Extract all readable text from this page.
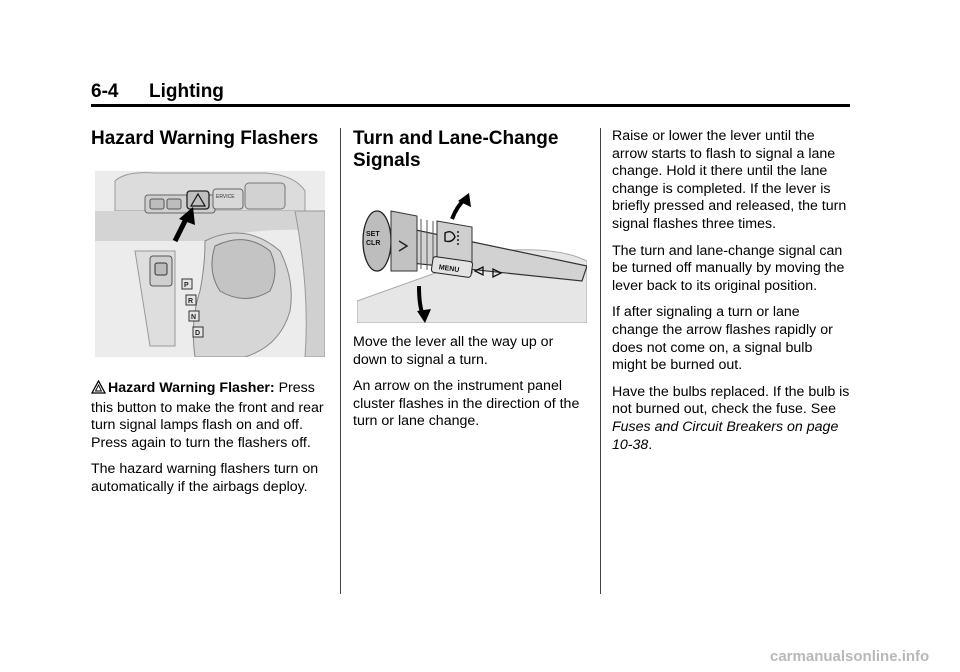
6-4 Lighting
Hazard Warning Flashers

Hazard Warning Flasher: Press this button to make the front and rear turn signal lamps flash on and off. Press again to turn the flashers off.

The hazard warning flashers turn on automatically if the airbags deploy.

ERVICE
P
R
N
D
Turn and Lane-Change Signals

Move the lever all the way up or down to signal a turn.

An arrow on the instrument panel cluster flashes in the direction of the turn or lane change.

SET
CLR
MENU

Raise or lower the lever until the arrow starts to flash to signal a lane change. Hold it there until the lane change is completed. If the lever is briefly pressed and released, the turn signal flashes three times.

The turn and lane-change signal can be turned off manually by moving the lever back to its original position.

If after signaling a turn or lane change the arrow flashes rapidly or does not come on, a signal bulb might be burned out.

Have the bulbs replaced. If the bulb is not burned out, check the fuse. See Fuses and Circuit Breakers on page 10-38.

carmanualsonline.info
